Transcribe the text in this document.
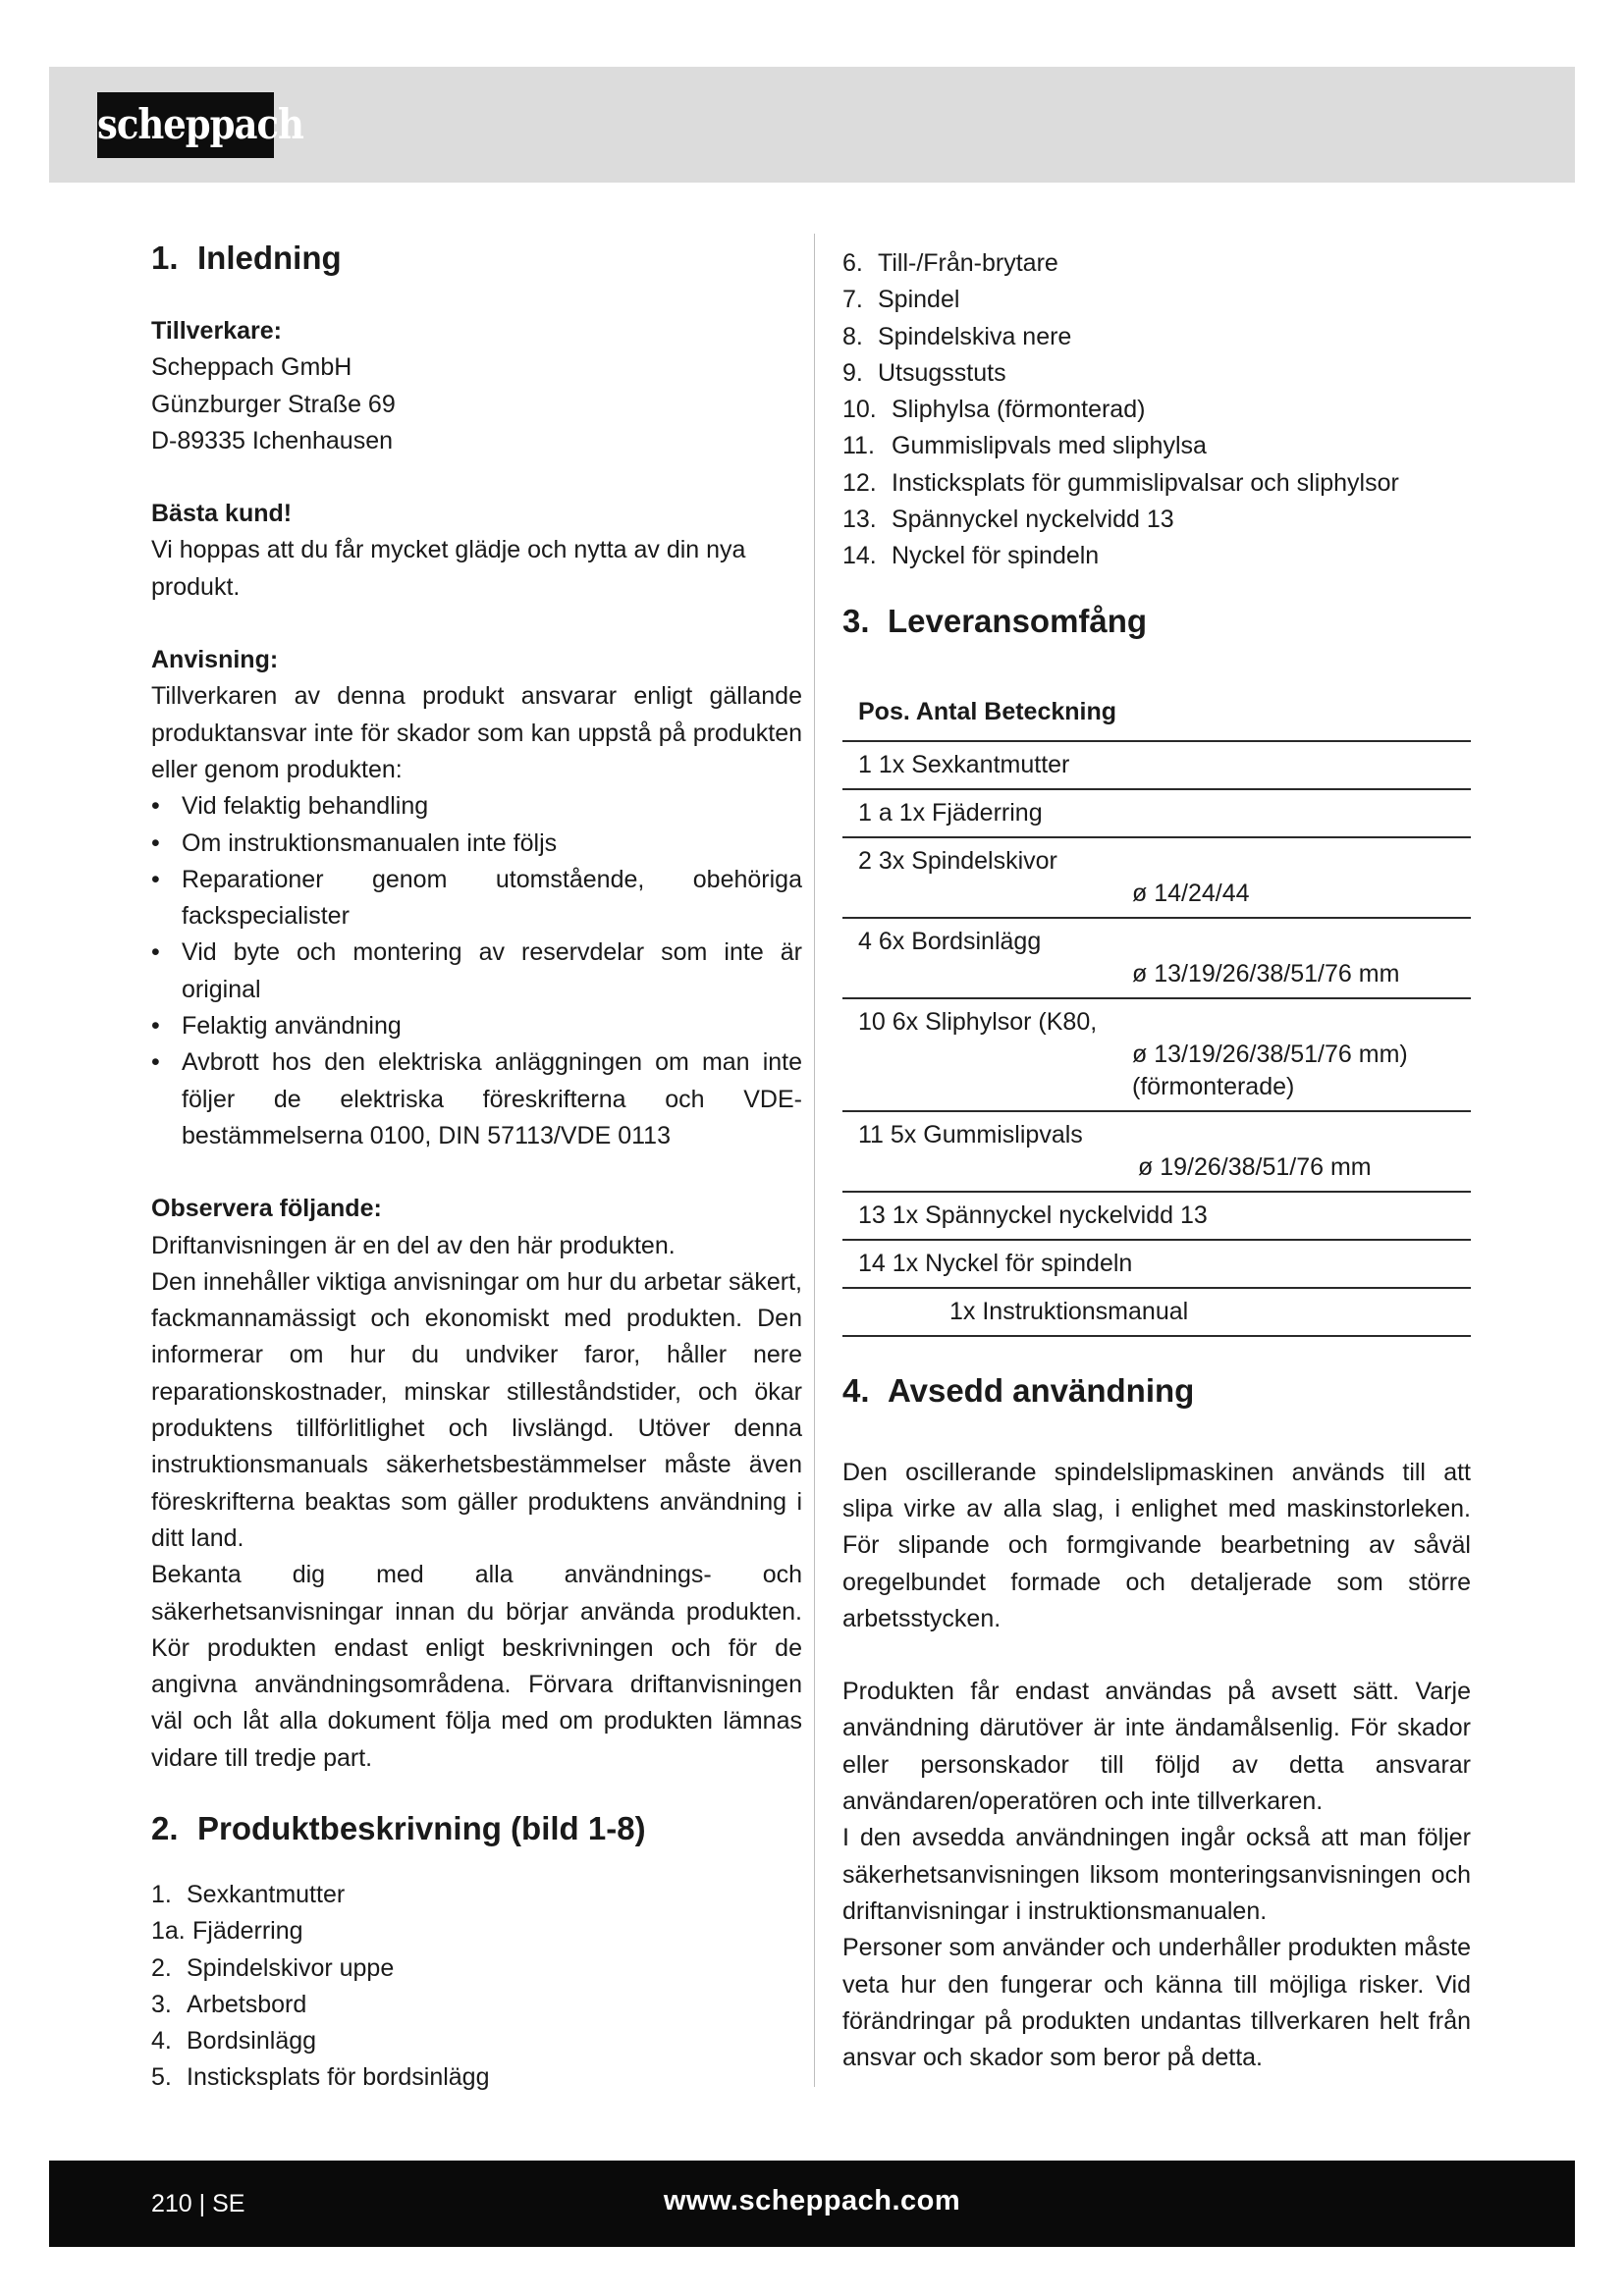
scheppach
1. Inledning

Tillverkare:

Scheppach GmbH

Günzburger Straße 69

D-89335 Ichenhausen

Bästa kund!

Vi hoppas att du får mycket glädje och nytta av din nya produkt.

Anvisning:

Tillverkaren av denna produkt ansvarar enligt gällande produktansvar inte för skador som kan uppstå på produkten eller genom produkten:

• Vid felaktig behandling
• Om instruktionsmanualen inte följs
• Reparationer genom utomstående, obehöriga fackspecialister
• Vid byte och montering av reservdelar som inte är original
• Felaktig användning
• Avbrott hos den elektriska anläggningen om man inte följer de elektriska föreskrifterna och VDE-bestämmelserna 0100, DIN 57113/VDE 0113

Observera följande:

Driftanvisningen är en del av den här produkten.

Den innehåller viktiga anvisningar om hur du arbetar säkert, fackmannamässigt och ekonomiskt med produkten. Den informerar om hur du undviker faror, håller nere reparationskostnader, minskar stilleståndstider, och ökar produktens tillförlitlighet och livslängd. Utöver denna instruktionsmanuals säkerhetsbestämmelser måste även föreskrifterna beaktas som gäller produktens användning i ditt land.

Bekanta dig med alla användnings- och säkerhetsanvisningar innan du börjar använda produkten. Kör produkten endast enligt beskrivningen och för de angivna användningsområdena. Förvara driftanvisningen väl och låt alla dokument följa med om produkten lämnas vidare till tredje part.

2. Produktbeskrivning (bild 1-8)
1. Sexkantmutter
1a. Fjäderring
2. Spindelskivor uppe
3. Arbetsbord
4. Bordsinlägg
5. Insticksplats för bordsinlägg
6. Till-/Från-brytare
7. Spindel
8. Spindelskiva nere
9. Utsugsstuts
10. Sliphylsa (förmonterad)
11. Gummislipvals med sliphylsa
12. Insticksplats för gummislipvalsar och sliphylsor
13. Spännyckel nyckelvidd 13
14. Nyckel för spindeln
3. Leveransomfång
Pos. Antal Beteckning

1 1x Sexkantmutter

1 a 1x Fjäderring

2 3x Spindelskivor
ø 14/24/44

4 6x Bordsinlägg
ø 13/19/26/38/51/76 mm

10 6x Sliphylsor (K80,
ø 13/19/26/38/51/76 mm)
(förmonterade)

11 5x Gummislipvals
ø 19/26/38/51/76 mm

13 1x Spännyckel nyckelvidd 13

14 1x Nyckel för spindeln

1x Instruktionsmanual
4. Avsedd användning

Den oscillerande spindelslipmaskinen används till att slipa virke av alla slag, i enlighet med maskinstorleken. För slipande och formgivande bearbetning av såväl oregelbundet formade och detaljerade som större arbetsstycken.

Produkten får endast användas på avsett sätt. Varje användning därutöver är inte ändamålsenlig. För skador eller personskador till följd av detta ansvarar användaren/operatören och inte tillverkaren.

I den avsedda användningen ingår också att man följer säkerhetsanvisningen liksom monteringsanvisningen och driftanvisningar i instruktionsmanualen.

Personer som använder och underhåller produkten måste veta hur den fungerar och känna till möjliga risker. Vid förändringar på produkten undantas tillverkaren helt från ansvar och skador som beror på detta.

210 | SE	www.scheppach.com
